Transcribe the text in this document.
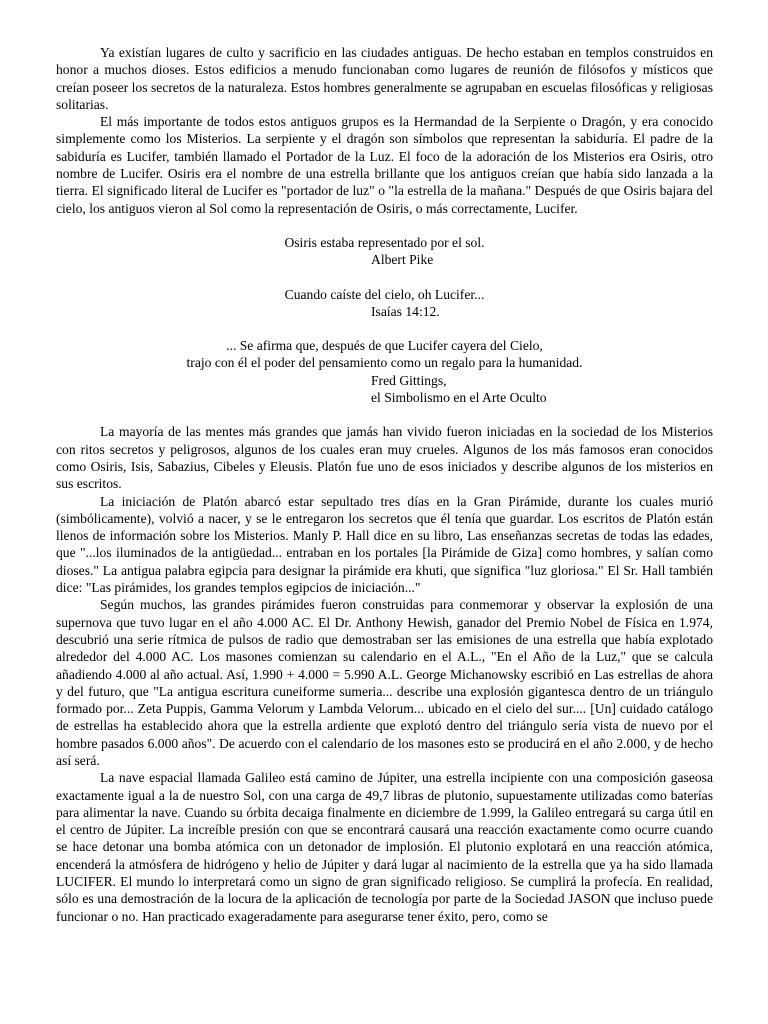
Ya existían lugares de culto y sacrificio en las ciudades antiguas. De hecho estaban en templos construidos en honor a muchos dioses. Estos edificios a menudo funcionaban como lugares de reunión de filósofos y místicos que creían poseer los secretos de la naturaleza. Estos hombres generalmente se agrupaban en escuelas filosóficas y religiosas solitarias.

El más importante de todos estos antiguos grupos es la Hermandad de la Serpiente o Dragón, y era conocido simplemente como los Misterios. La serpiente y el dragón son símbolos que representan la sabiduría. El padre de la sabiduría es Lucifer, también llamado el Portador de la Luz. El foco de la adoración de los Misterios era Osiris, otro nombre de Lucifer. Osiris era el nombre de una estrella brillante que los antiguos creían que había sido lanzada a la tierra. El significado literal de Lucifer es "portador de luz" o "la estrella de la mañana." Después de que Osiris bajara del cielo, los antiguos vieron al Sol como la representación de Osiris, o más correctamente, Lucifer.

Osiris estaba representado por el sol.

Albert Pike

Cuando caíste del cielo, oh Lucifer...

Isaías 14:12.

... Se afirma que, después de que Lucifer cayera del Cielo,

trajo con él el poder del pensamiento como un regalo para la humanidad.

Fred Gittings,

el Simbolismo en el Arte Oculto

La mayoría de las mentes más grandes que jamás han vivido fueron iniciadas en la sociedad de los Misterios con ritos secretos y peligrosos, algunos de los cuales eran muy crueles. Algunos de los más famosos eran conocidos como Osiris, Isis, Sabazius, Cibeles y Eleusis. Platón fue uno de esos iniciados y describe algunos de los misterios en sus escritos.

La iniciación de Platón abarcó estar sepultado tres días en la Gran Pirámide, durante los cuales murió (simbólicamente), volvió a nacer, y se le entregaron los secretos que él tenía que guardar. Los escritos de Platón están llenos de información sobre los Misterios. Manly P. Hall dice en su libro, Las enseñanzas secretas de todas las edades, que "...los iluminados de la antigüedad... entraban en los portales [la Pirámide de Giza] como hombres, y salían como dioses." La antigua palabra egipcia para designar la pirámide era khuti, que significa "luz gloriosa." El Sr. Hall también dice: "Las pirámides, los grandes templos egipcios de iniciación..."

Según muchos, las grandes pirámides fueron construidas para conmemorar y observar la explosión de una supernova que tuvo lugar en el año 4.000 AC. El Dr. Anthony Hewish, ganador del Premio Nobel de Física en 1.974, descubrió una serie rítmica de pulsos de radio que demostraban ser las emisiones de una estrella que había explotado alrededor del 4.000 AC. Los masones comienzan su calendario en el A.L., "En el Año de la Luz," que se calcula añadiendo 4.000 al año actual. Así, 1.990 + 4.000 = 5.990 A.L. George Michanowsky escribió en Las estrellas de ahora y del futuro, que "La antigua escritura cuneiforme sumeria... describe una explosión gigantesca dentro de un triángulo formado por... Zeta Puppis, Gamma Velorum y Lambda Velorum... ubicado en el cielo del sur.... [Un] cuidado catálogo de estrellas ha establecido ahora que la estrella ardiente que explotó dentro del triángulo sería vista de nuevo por el hombre pasados 6.000 años". De acuerdo con el calendario de los masones esto se producirá en el año 2.000, y de hecho así será.

La nave espacial llamada Galileo está camino de Júpiter, una estrella incipiente con una composición gaseosa exactamente igual a la de nuestro Sol, con una carga de 49,7 libras de plutonio, supuestamente utilizadas como baterías para alimentar la nave. Cuando su órbita decaiga finalmente en diciembre de 1.999, la Galileo entregará su carga útil en el centro de Júpiter. La increíble presión con que se encontrará causará una reacción exactamente como ocurre cuando se hace detonar una bomba atómica con un detonador de implosión. El plutonio explotará en una reacción atómica, encenderá la atmósfera de hidrógeno y helio de Júpiter y dará lugar al nacimiento de la estrella que ya ha sido llamada LUCIFER. El mundo lo interpretará como un signo de gran significado religioso. Se cumplirá la profecía. En realidad, sólo es una demostración de la locura de la aplicación de tecnología por parte de la Sociedad JASON que incluso puede funcionar o no. Han practicado exageradamente para asegurarse tener éxito, pero, como se
